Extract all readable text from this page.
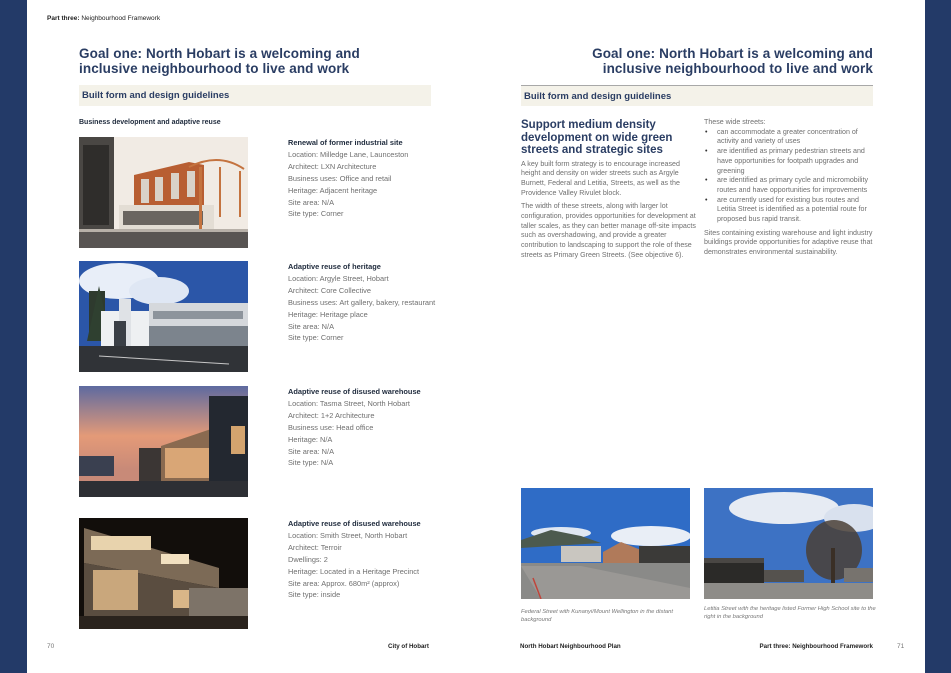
Part three: Neighbourhood Framework
Goal one: North Hobart is a welcoming and
inclusive neighbourhood to live and work
Built form and design guidelines
Business development and adaptive reuse
Renewal of former industrial site
Location: Milledge Lane, Launceston
Architect: LXN Architecture
Business uses: Office and retail
Heritage: Adjacent heritage
Site area: N/A
Site type: Corner
Adaptive reuse of heritage
Location: Argyle Street, Hobart
Architect: Core Collective
Business uses: Art gallery, bakery, restaurant
Heritage: Heritage place
Site area: N/A
Site type: Corner
Adaptive reuse of disused warehouse
Location: Tasma Street, North Hobart
Architect: 1+2 Architecture
Business use: Head office
Heritage: N/A
Site area: N/A
Site type: N/A
Adaptive reuse of disused warehouse
Location: Smith Street, North Hobart
Architect: Terroir
Dwellings: 2
Heritage: Located in a Heritage Precinct
Site area: Approx. 680m² (approx)
Site type: inside
Goal one: North Hobart is a welcoming and
inclusive neighbourhood to live and work
Built form and design guidelines
Support medium density development on wide green streets and strategic sites

A key built form strategy is to encourage increased height and density on wider streets such as Argyle Burnett, Federal and Letitia, Streets, as well as the Providence Valley Rivulet block.

The width of these streets, along with larger lot configuration, provides opportunities for development at taller scales, as they can better manage off-site impacts such as overshadowing, and provide a greater contribution to landscaping to support the role of these streets as Primary Green Streets. (See objective 6).

These wide streets:
• can accommodate a greater concentration of activity and variety of uses
• are identified as primary pedestrian streets and have opportunities for footpath upgrades and greening
• are identified as primary cycle and micromobility routes and have opportunities for improvements
• are currently used for existing bus routes and Letitia Street is identified as a potential route for proposed bus rapid transit.

Sites containing existing warehouse and light industry buildings provide opportunities for adaptive reuse that demonstrates environmental sustainability.

Federal Street with Kunanyi/Mount Wellington in the distant background
Letitia Street with the heritage listed Former High School site to the right in the background
70	City of Hobart	North Hobart Neighbourhood Plan	Part three: Neighbourhood Framework	71
